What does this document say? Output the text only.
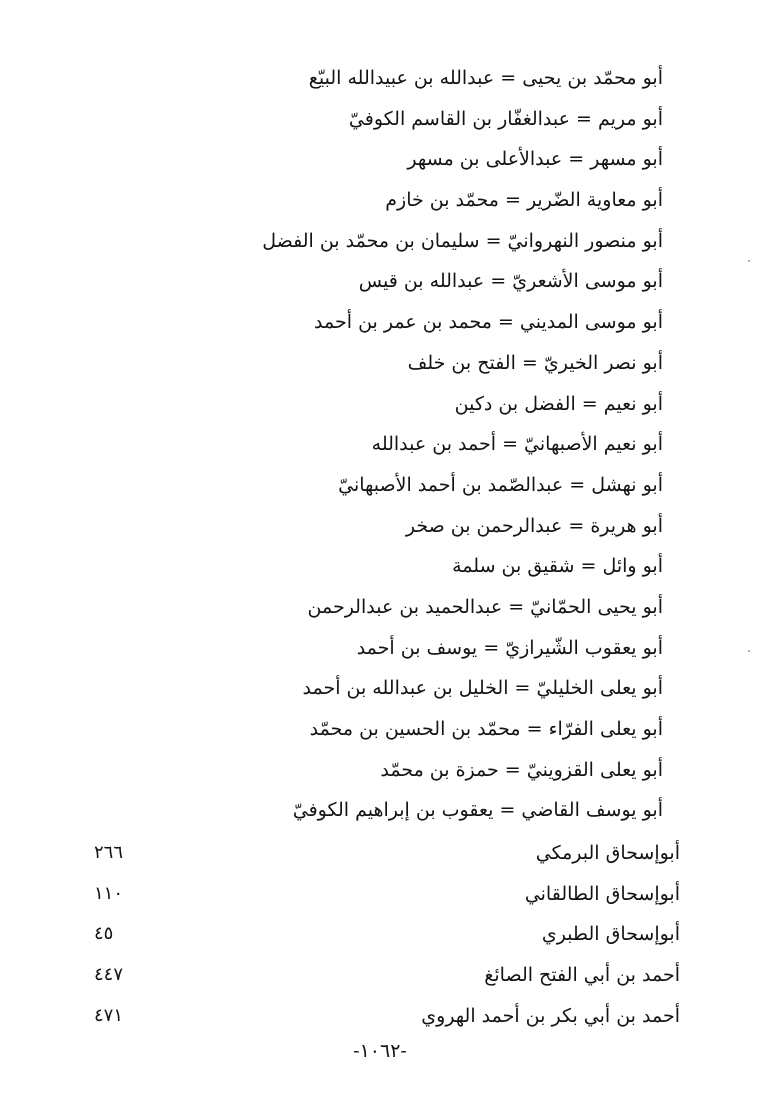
أبو محمّد بن يحيى = عبدالله بن عبيدالله البيّع
أبو مريم = عبدالغفّار بن القاسم الكوفيّ
أبو مسهر = عبدالأعلى بن مسهر
أبو معاوية الضّرير = محمّد بن خازم
أبو منصور النهروانيّ = سليمان بن محمّد بن الفضل
أبو موسى الأشعريّ = عبدالله بن قيس
أبو موسى المديني = محمد بن عمر بن أحمد
أبو نصر الخيريّ = الفتح بن خلف
أبو نعيم = الفضل بن دكين
أبو نعيم الأصبهانيّ = أحمد بن عبدالله
أبو نهشل = عبدالصّمد بن أحمد الأصبهانيّ
أبو هريرة = عبدالرحمن بن صخر
أبو وائل = شقيق بن سلمة
أبو يحيى الحمّانيّ = عبدالحميد بن عبدالرحمن
أبو يعقوب الشّيرازيّ = يوسف بن أحمد
أبو يعلى الخليليّ = الخليل بن عبدالله بن أحمد
أبو يعلى الفرّاء = محمّد بن الحسين بن محمّد
أبو يعلى القزوينيّ = حمزة بن محمّد
أبو يوسف القاضي = يعقوب بن إبراهيم الكوفيّ
أبوإسحاق البرمكي
٢٦٦
أبوإسحاق الطالقاني
١١٠
أبوإسحاق الطبري
٤٥
أحمد بن أبي الفتح الصائغ
٤٤٧
أحمد بن أبي بكر بن أحمد الهروي
٤٧١
-١٠٦٢-
